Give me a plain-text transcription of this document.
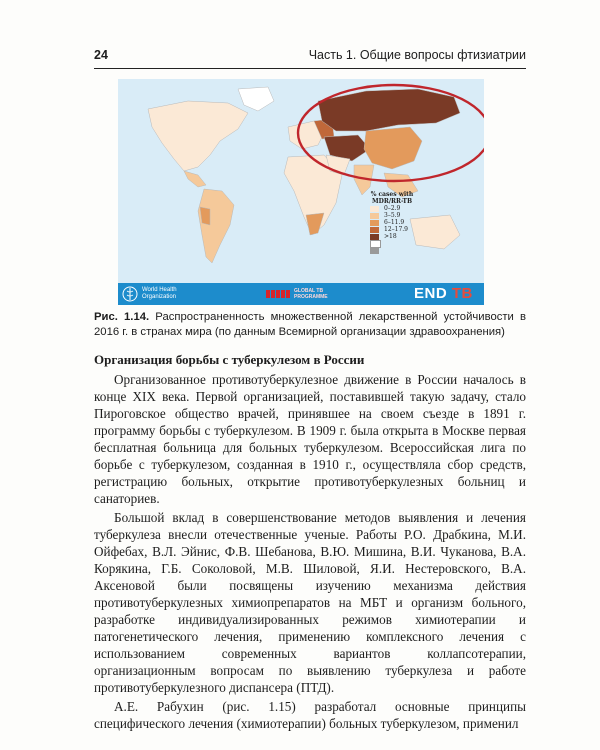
24	Часть 1. Общие вопросы фтизиатрии
% cases with
MDR/RR-TB
0–2.9
3–5.9
6–11.9
12–17.9
>18
World Health
Organization
GLOBAL TB
PROGRAMME	END TB
Рис. 1.14. Распространенность множественной лекарственной устойчивости в 2016 г. в странах мира (по данным Всемирной организации здравоохранения)
Организация борьбы с туберкулезом в России

Организованное противотуберкулезное движение в России началось в конце XIX века. Первой организацией, поставившей такую задачу, стало Пироговское общество врачей, принявшее на своем съезде в 1891 г. программу борьбы с туберкулезом. В 1909 г. была открыта в Москве первая бесплатная больница для больных туберкулезом. Всероссийская лига по борьбе с туберкулезом, созданная в 1910 г., осуществляла сбор средств, регистрацию больных, открытие противотуберкулезных больниц и санаториев.

Большой вклад в совершенствование методов выявления и лечения туберкулеза внесли отечественные ученые. Работы Р.О. Драбкина, М.И. Ойфебах, В.Л. Эйнис, Ф.В. Шебанова, В.Ю. Мишина, В.И. Чуканова, В.А. Корякина, Г.Б. Соколовой, М.В. Шиловой, Я.И. Нестеровского, В.А. Аксеновой были посвящены изучению механизма действия противотуберкулезных химиопрепаратов на МБТ и организм больного, разработке индивидуализированных режимов химиотерапии и патогенетического лечения, применению комплексного лечения с использованием современных вариантов коллапсотерапии, организационным вопросам по выявлению туберкулеза и работе противотуберкулезного диспансера (ПТД).

А.Е. Рабухин (рис. 1.15) разработал основные принципы специфического лечения (химиотерапии) больных туберкулезом, применил
